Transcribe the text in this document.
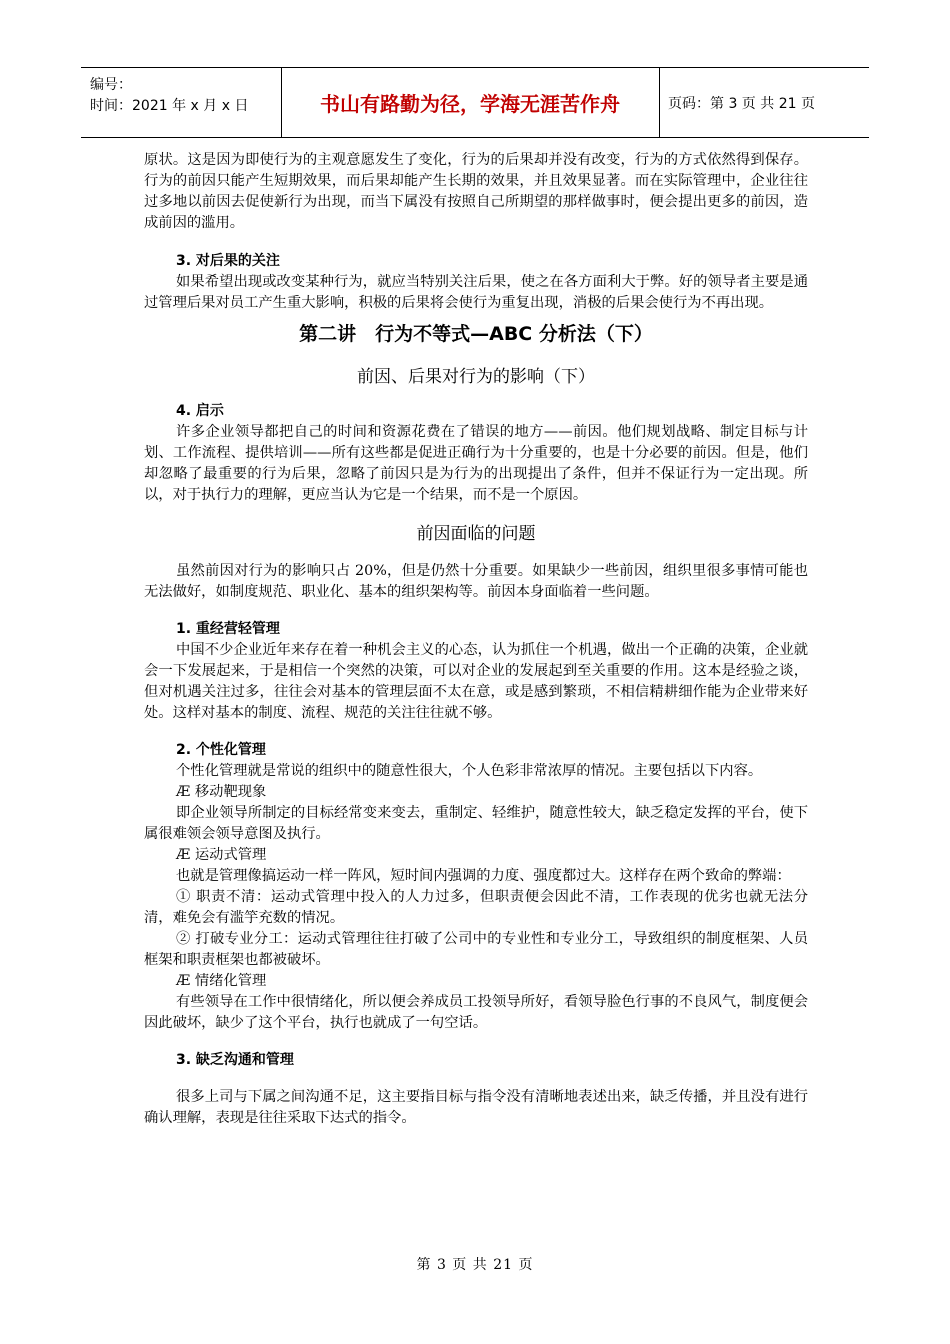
编号：
时间：2021 年 x 月 x 日	书山有路勤为径，学海无涯苦作舟	页码：第 3 页 共 21 页

原状。这是因为即使行为的主观意愿发生了变化，行为的后果却并没有改变，行为的方式依然得到保存。行为的前因只能产生短期效果，而后果却能产生长期的效果，并且效果显著。而在实际管理中，企业往往过多地以前因去促使新行为出现，而当下属没有按照自己所期望的那样做事时，便会提出更多的前因，造成前因的滥用。

3. 对后果的关注

如果希望出现或改变某种行为，就应当特别关注后果，使之在各方面利大于弊。好的领导者主要是通过管理后果对员工产生重大影响，积极的后果将会使行为重复出现，消极的后果会使行为不再出现。

第二讲　行为不等式—ABC 分析法（下）
前因、后果对行为的影响（下）
4. 启示

许多企业领导都把自己的时间和资源花费在了错误的地方——前因。他们规划战略、制定目标与计划、工作流程、提供培训——所有这些都是促进正确行为十分重要的，也是十分必要的前因。但是，他们却忽略了最重要的行为后果，忽略了前因只是为行为的出现提出了条件，但并不保证行为一定出现。所以，对于执行力的理解，更应当认为它是一个结果，而不是一个原因。

前因面临的问题

虽然前因对行为的影响只占 20%，但是仍然十分重要。如果缺少一些前因，组织里很多事情可能也无法做好，如制度规范、职业化、基本的组织架构等。前因本身面临着一些问题。

1. 重经营轻管理

中国不少企业近年来存在着一种机会主义的心态，认为抓住一个机遇，做出一个正确的决策，企业就会一下发展起来，于是相信一个突然的决策，可以对企业的发展起到至关重要的作用。这本是经验之谈，但对机遇关注过多，往往会对基本的管理层面不太在意，或是感到繁琐，不相信精耕细作能为企业带来好处。这样对基本的制度、流程、规范的关注往往就不够。

2. 个性化管理

个性化管理就是常说的组织中的随意性很大，个人色彩非常浓厚的情况。主要包括以下内容。

Æ 移动靶现象

即企业领导所制定的目标经常变来变去，重制定、轻维护，随意性较大，缺乏稳定发挥的平台，使下属很难领会领导意图及执行。

Æ 运动式管理

也就是管理像搞运动一样一阵风，短时间内强调的力度、强度都过大。这样存在两个致命的弊端：

① 职责不清：运动式管理中投入的人力过多，但职责便会因此不清，工作表现的优劣也就无法分清，难免会有滥竽充数的情况。

② 打破专业分工：运动式管理往往打破了公司中的专业性和专业分工，导致组织的制度框架、人员框架和职责框架也都被破坏。

Æ 情绪化管理

有些领导在工作中很情绪化，所以便会养成员工投领导所好，看领导脸色行事的不良风气，制度便会因此破坏，缺少了这个平台，执行也就成了一句空话。

3. 缺乏沟通和管理

很多上司与下属之间沟通不足，这主要指目标与指令没有清晰地表述出来，缺乏传播，并且没有进行确认理解，表现是往往采取下达式的指令。

第 3 页 共 21 页
